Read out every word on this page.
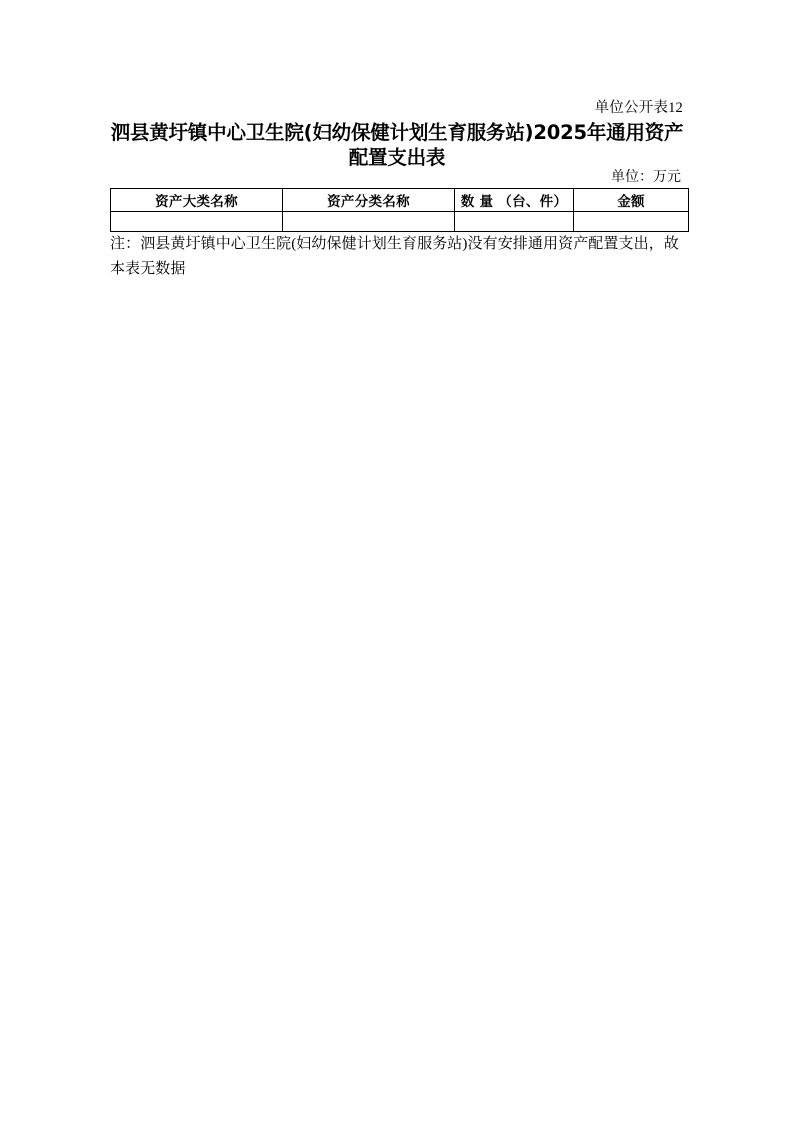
单位公开表12
泗县黄圩镇中心卫生院(妇幼保健计划生育服务站)2025年通用资产配置支出表
单位：万元
资产大类名称	资产分类名称	数 量 （台、件）	金额

注：泗县黄圩镇中心卫生院(妇幼保健计划生育服务站)没有安排通用资产配置支出，故本表无数据
